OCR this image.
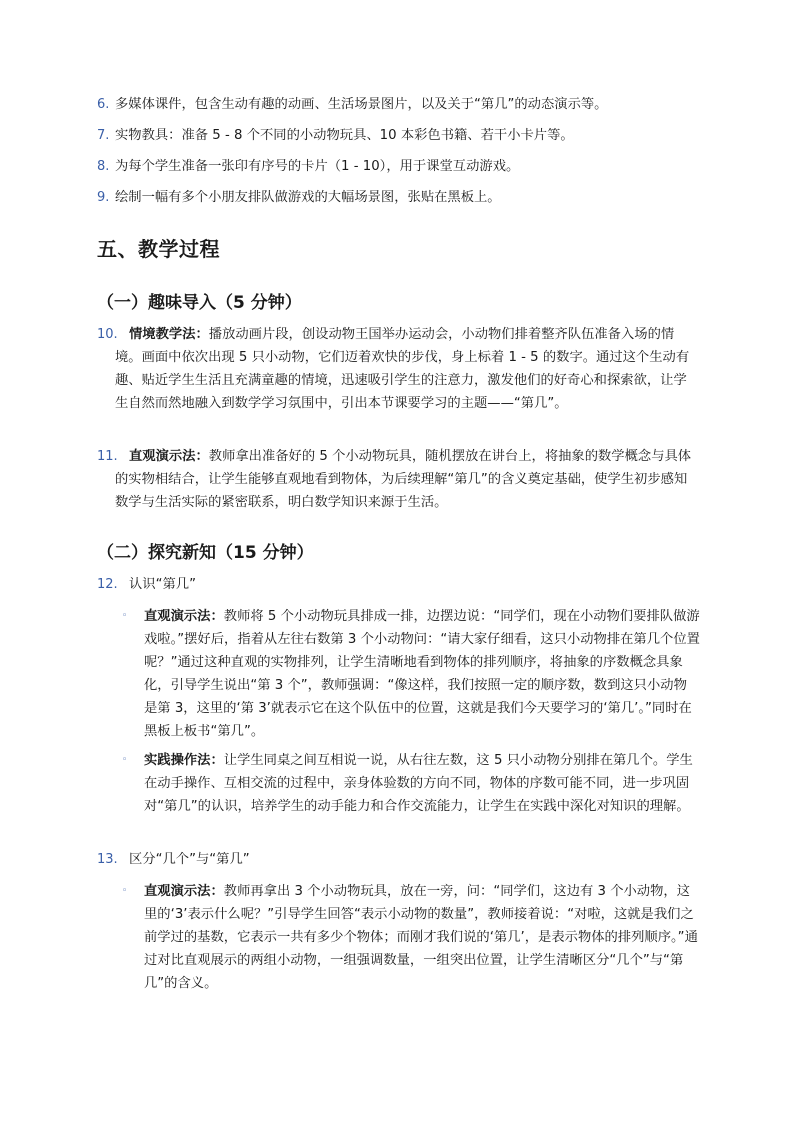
6. 多媒体课件，包含生动有趣的动画、生活场景图片，以及关于“第几”的动态演示等。
7. 实物教具：准备 5 - 8 个不同的小动物玩具、10 本彩色书籍、若干小卡片等。
8. 为每个学生准备一张印有序号的卡片（1 - 10），用于课堂互动游戏。
9. 绘制一幅有多个小朋友排队做游戏的大幅场景图，张贴在黑板上。
五、教学过程
（一）趣味导入（5 分钟）
10. 情境教学法：播放动画片段，创设动物王国举办运动会，小动物们排着整齐队伍准备入场的情境。画面中依次出现 5 只小动物，它们迈着欢快的步伐，身上标着 1 - 5 的数字。通过这个生动有趣、贴近学生生活且充满童趣的情境，迅速吸引学生的注意力，激发他们的好奇心和探索欲，让学生自然而然地融入到数学学习氛围中，引出本节课要学习的主题——“第几”。

11. 直观演示法：教师拿出准备好的 5 个小动物玩具，随机摆放在讲台上，将抽象的数学概念与具体的实物相结合，让学生能够直观地看到物体，为后续理解“第几”的含义奠定基础，使学生初步感知数学与生活实际的紧密联系，明白数学知识来源于生活。

（二）探究新知（15 分钟）
12. 认识“第几”
◦ 直观演示法：教师将 5 个小动物玩具排成一排，边摆边说：“同学们，现在小动物们要排队做游戏啦。”摆好后，指着从左往右数第 3 个小动物问：“请大家仔细看，这只小动物排在第几个位置呢？”通过这种直观的实物排列，让学生清晰地看到物体的排列顺序，将抽象的序数概念具象化，引导学生说出“第 3 个”，教师强调：“像这样，我们按照一定的顺序数，数到这只小动物是第 3，这里的‘第 3’就表示它在这个队伍中的位置，这就是我们今天要学习的‘第几’。”同时在黑板上板书“第几”。

◦ 实践操作法：让学生同桌之间互相说一说，从右往左数，这 5 只小动物分别排在第几个。学生在动手操作、互相交流的过程中，亲身体验数的方向不同，物体的序数可能不同，进一步巩固对“第几”的认识，培养学生的动手能力和合作交流能力，让学生在实践中深化对知识的理解。

13. 区分“几个”与“第几”
◦ 直观演示法：教师再拿出 3 个小动物玩具，放在一旁，问：“同学们，这边有 3 个小动物，这里的‘3’表示什么呢？”引导学生回答“表示小动物的数量”，教师接着说：“对啦，这就是我们之前学过的基数，它表示一共有多少个物体；而刚才我们说的‘第几’，是表示物体的排列顺序。”通过对比直观展示的两组小动物，一组强调数量，一组突出位置，让学生清晰区分“几个”与“第几”的含义。
